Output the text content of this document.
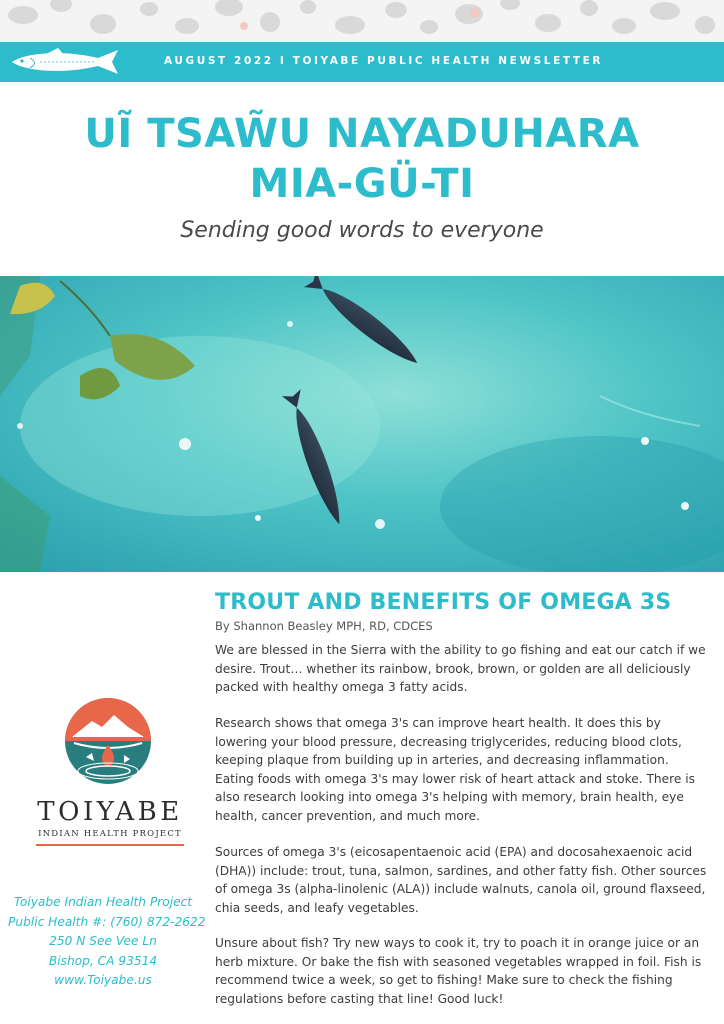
AUGUST 2022 I TOIYABE PUBLIC HEALTH NEWSLETTER
UĨ TSAW̃U NAYADUHARA
MIA-GÜ-TI
Sending good words to everyone
TROUT AND BENEFITS OF OMEGA 3S
By Shannon Beasley MPH, RD, CDCES

We are blessed in the Sierra with the ability to go fishing and eat our catch if we desire. Trout… whether its rainbow, brook, brown, or golden are all deliciously packed with healthy omega 3 fatty acids.

Research shows that omega 3's can improve heart health. It does this by lowering your blood pressure, decreasing triglycerides, reducing blood clots, keeping plaque from building up in arteries, and decreasing inflammation. Eating foods with omega 3's may lower risk of heart attack and stoke. There is also research looking into omega 3's helping with memory, brain health, eye health, cancer prevention, and much more.

Sources of omega 3's (eicosapentaenoic acid (EPA) and docosahexaenoic acid (DHA)) include: trout, tuna, salmon, sardines, and other fatty fish. Other sources of omega 3s (alpha-linolenic (ALA)) include walnuts, canola oil, ground flaxseed, chia seeds, and leafy vegetables.

Unsure about fish? Try new ways to cook it, try to poach it in orange juice or an herb mixture. Or bake the fish with seasoned vegetables wrapped in foil. Fish is recommend twice a week, so get to fishing! Make sure to check the fishing regulations before casting that line! Good luck!

TOIYABE
INDIAN HEALTH PROJECT
Toiyabe Indian Health Project
Public Health #: (760) 872-2622
250 N See Vee Ln
Bishop, CA 93514
www.Toiyabe.us
